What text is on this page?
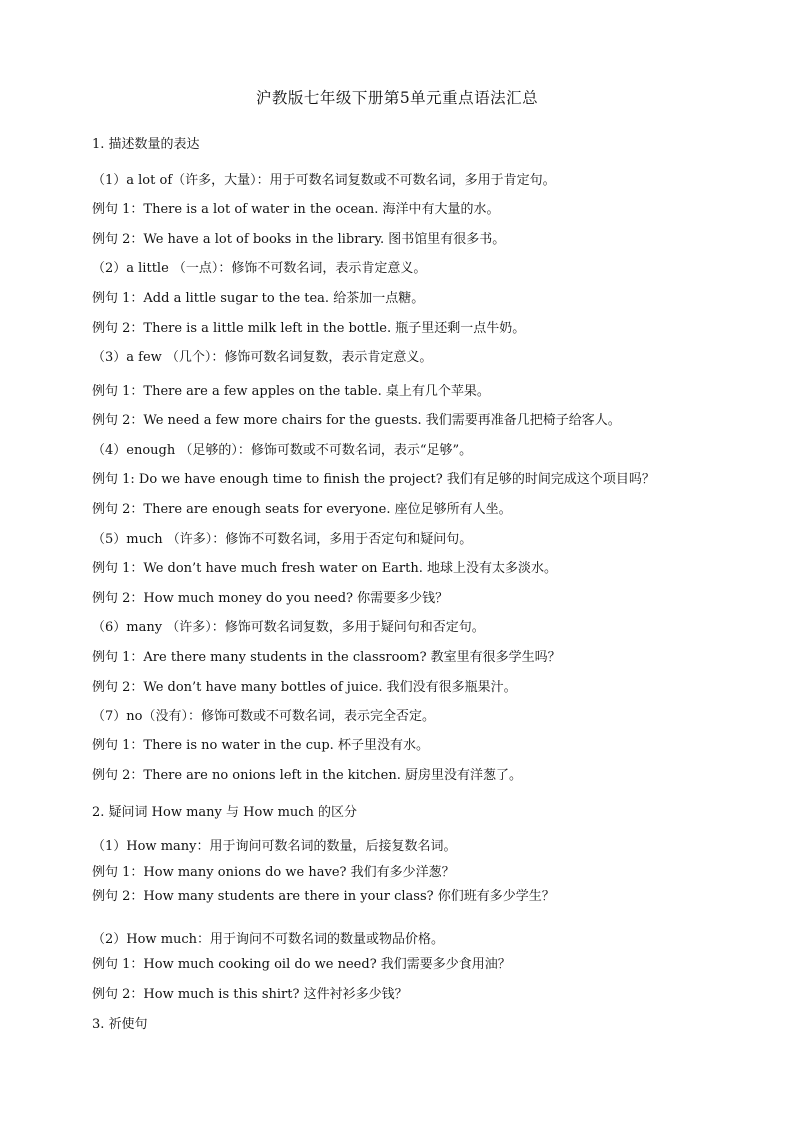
沪教版七年级下册第5单元重点语法汇总
1. 描述数量的表达
（1）a lot of（许多，大量）：用于可数名词复数或不可数名词，多用于肯定句。
例句 1：There is a lot of water in the ocean. 海洋中有大量的水。
例句 2：We have a lot of books in the library. 图书馆里有很多书。
（2）a little （一点）：修饰不可数名词，表示肯定意义。
例句 1：Add a little sugar to the tea. 给茶加一点糖。
例句 2：There is a little milk left in the bottle. 瓶子里还剩一点牛奶。
（3）a few （几个）：修饰可数名词复数，表示肯定意义。
例句 1：There are a few apples on the table. 桌上有几个苹果。
例句 2：We need a few more chairs for the guests. 我们需要再准备几把椅子给客人。
（4）enough （足够的）：修饰可数或不可数名词，表示“足够”。
例句 1: Do we have enough time to finish the project? 我们有足够的时间完成这个项目吗？
例句 2：There are enough seats for everyone. 座位足够所有人坐。
（5）much （许多）：修饰不可数名词，多用于否定句和疑问句。
例句 1：We don’t have much fresh water on Earth. 地球上没有太多淡水。
例句 2：How much money do you need? 你需要多少钱？
（6）many （许多）：修饰可数名词复数，多用于疑问句和否定句。
例句 1：Are there many students in the classroom? 教室里有很多学生吗？
例句 2：We don’t have many bottles of juice. 我们没有很多瓶果汁。
（7）no（没有）：修饰可数或不可数名词，表示完全否定。
例句 1：There is no water in the cup. 杯子里没有水。
例句 2：There are no onions left in the kitchen. 厨房里没有洋葱了。
2. 疑问词 How many 与 How much 的区分
（1）How many：用于询问可数名词的数量，后接复数名词。
例句 1：How many onions do we have? 我们有多少洋葱？
例句 2：How many students are there in your class? 你们班有多少学生？
（2）How much：用于询问不可数名词的数量或物品价格。
例句 1：How much cooking oil do we need? 我们需要多少食用油？
例句 2：How much is this shirt? 这件衬衫多少钱？
3. 祈使句
